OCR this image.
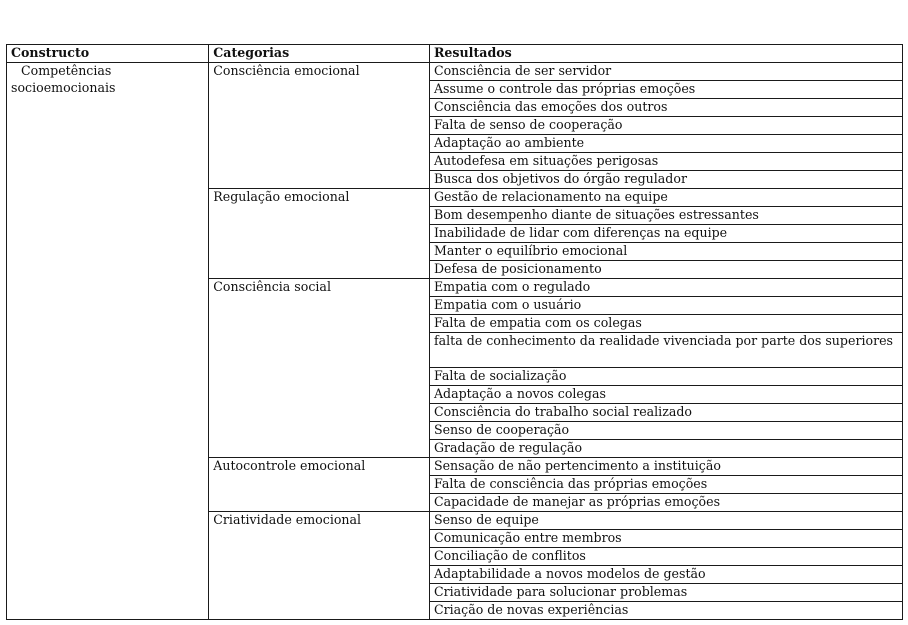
Constructo	Categorias	Resultados

Competências
socioemocionais	Consciência emocional	Consciência de ser servidor
		Assume o controle das próprias emoções
		Consciência das emoções dos outros
		Falta de senso de cooperação
		Adaptação ao ambiente
		Autodefesa em situações perigosas
		Busca dos objetivos do órgão regulador
	Regulação emocional	Gestão de relacionamento na equipe
		Bom desempenho diante de situações estressantes
		Inabilidade de lidar com diferenças na equipe
		Manter o equilíbrio emocional
		Defesa de posicionamento
	Consciência social	Empatia com o regulado
		Empatia com o usuário
		Falta de empatia com os colegas
		falta de conhecimento da realidade vivenciada por parte dos superiores
		Falta de socialização
		Adaptação a novos colegas
		Consciência do trabalho social realizado
		Senso de cooperação
		Gradação de regulação
	Autocontrole emocional	Sensação de não pertencimento a instituição
		Falta de consciência das próprias emoções
		Capacidade de manejar as próprias emoções
	Criatividade emocional	Senso de equipe
		Comunicação entre membros
		Conciliação de conflitos
		Adaptabilidade a novos modelos de gestão
		Criatividade para solucionar problemas
		Criação de novas experiências
